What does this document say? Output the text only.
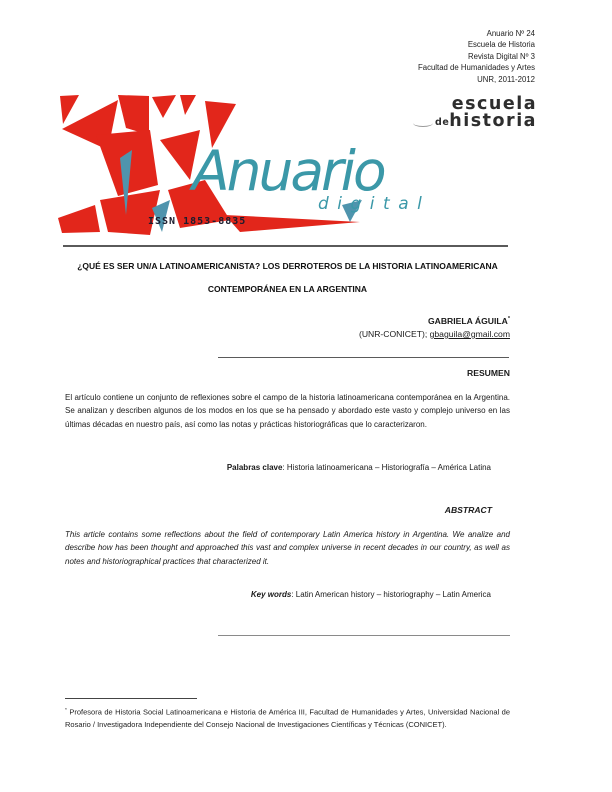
Anuario Nº 24
Escuela de Historia
Revista Digital Nº 3
Facultad de Humanidades y Artes
UNR, 2011-2012
Anuario
digital
ISSN 1853-8835
escuela
dehistoria
¿QUÉ ES SER UN/A LATINOAMERICANISTA? LOS DERROTEROS DE LA HISTORIA LATINOAMERICANA CONTEMPORÁNEA EN LA ARGENTINA
GABRIELA ÁGUILA*
(UNR-CONICET); gbaguila@gmail.com
RESUMEN
El artículo contiene un conjunto de reflexiones sobre el campo de la historia latinoamericana contemporánea en la Argentina. Se analizan y describen algunos de los modos en los que se ha pensado y abordado este vasto y complejo universo en las últimas décadas en nuestro país, así como las notas y prácticas historiográficas que lo caracterizaron.
Palabras clave: Historia latinoamericana – Historiografía – América Latina
ABSTRACT
This article contains some reflections about the field of contemporary Latin America history in Argentina. We analize and describe how has been thought and approached this vast and complex universe in recent decades in our country, as well as notes and historiographical practices that characterized it.
Key words: Latin American history – historiography – Latin America
* Profesora de Historia Social Latinoamericana e Historia de América III, Facultad de Humanidades y Artes, Universidad Nacional de Rosario / Investigadora Independiente del Consejo Nacional de Investigaciones Científicas y Técnicas (CONICET).
